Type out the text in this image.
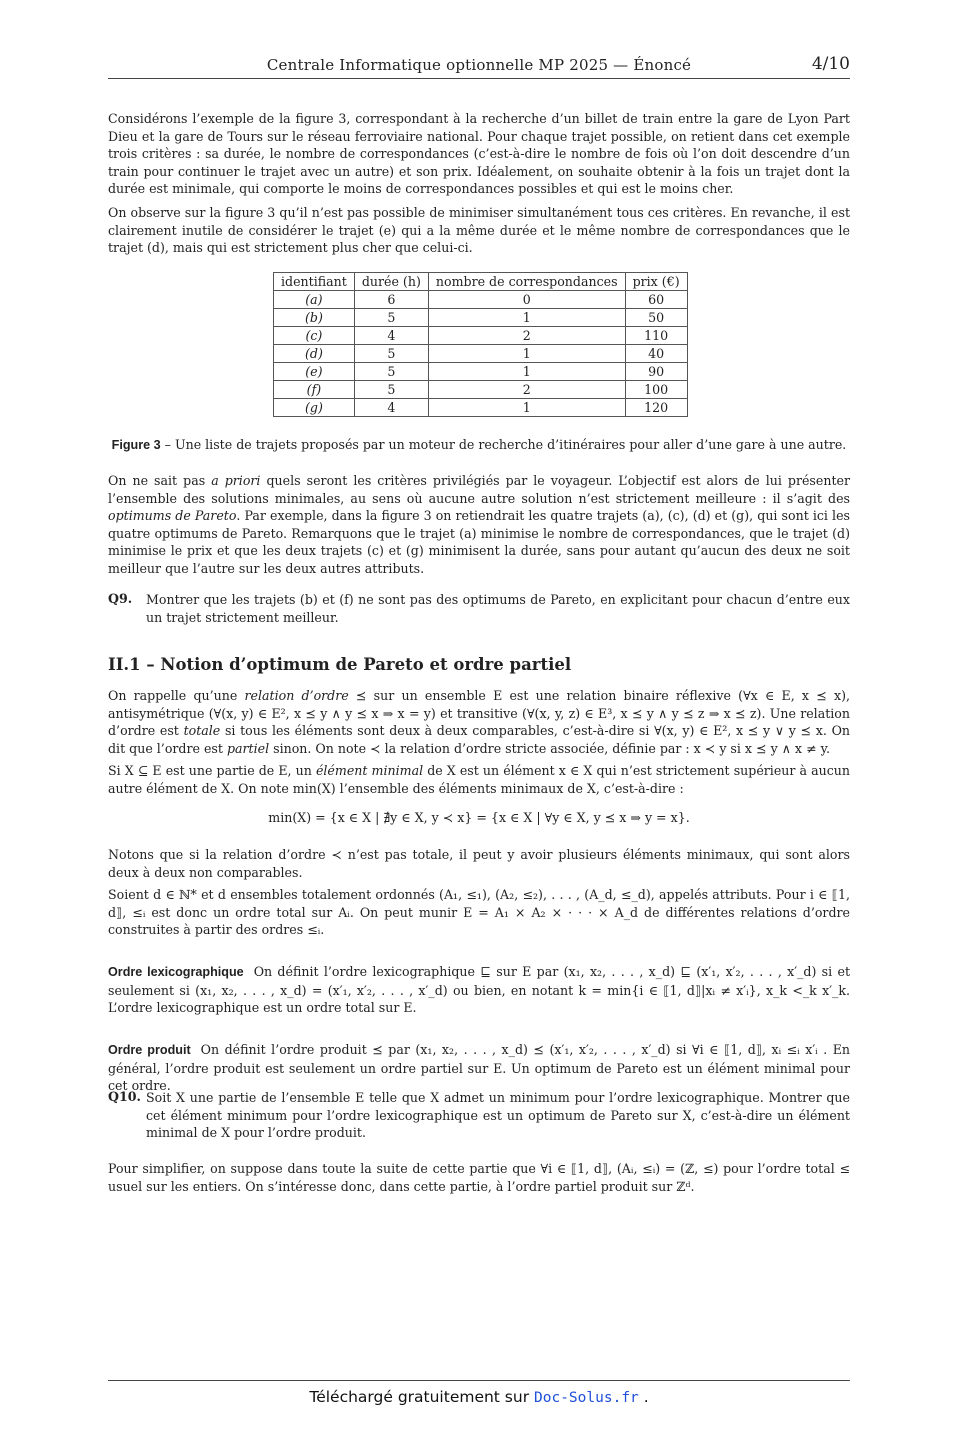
Centrale Informatique optionnelle MP 2025 — Énoncé	4/10

Considérons l’exemple de la figure 3, correspondant à la recherche d’un billet de train entre la gare de Lyon Part Dieu et la gare de Tours sur le réseau ferroviaire national. Pour chaque trajet possible, on retient dans cet exemple trois critères : sa durée, le nombre de correspondances (c’est-à-dire le nombre de fois où l’on doit descendre d’un train pour continuer le trajet avec un autre) et son prix. Idéalement, on souhaite obtenir à la fois un trajet dont la durée est minimale, qui comporte le moins de correspondances possibles et qui est le moins cher.

On observe sur la figure 3 qu’il n’est pas possible de minimiser simultanément tous ces critères. En revanche, il est clairement inutile de considérer le trajet (e) qui a la même durée et le même nombre de correspondances que le trajet (d), mais qui est strictement plus cher que celui-ci.

identifiant	durée (h)	nombre de correspondances	prix (€)
(a)	6	0	60
(b)	5	1	50
(c)	4	2	110
(d)	5	1	40
(e)	5	1	90
(f)	5	2	100
(g)	4	1	120
Figure 3 – Une liste de trajets proposés par un moteur de recherche d’itinéraires pour aller d’une gare à une autre.

On ne sait pas a priori quels seront les critères privilégiés par le voyageur. L’objectif est alors de lui présenter l’ensemble des solutions minimales, au sens où aucune autre solution n’est strictement meilleure : il s’agit des optimums de Pareto. Par exemple, dans la figure 3 on retiendrait les quatre trajets (a), (c), (d) et (g), qui sont ici les quatre optimums de Pareto. Remarquons que le trajet (a) minimise le nombre de correspondances, que le trajet (d) minimise le prix et que les deux trajets (c) et (g) minimisent la durée, sans pour autant qu’aucun des deux ne soit meilleur que l’autre sur les deux autres attributs.

Q9. Montrer que les trajets (b) et (f) ne sont pas des optimums de Pareto, en explicitant pour chacun d’entre eux un trajet strictement meilleur.

II.1 – Notion d’optimum de Pareto et ordre partiel

On rappelle qu’une relation d’ordre ⪯ sur un ensemble E est une relation binaire réflexive (∀x ∈ E, x ⪯ x), antisymétrique (∀(x, y) ∈ E², x ⪯ y ∧ y ⪯ x ⇒ x = y) et transitive (∀(x, y, z) ∈ E³, x ⪯ y ∧ y ⪯ z ⇒ x ⪯ z). Une relation d’ordre est totale si tous les éléments sont deux à deux comparables, c’est-à-dire si ∀(x, y) ∈ E², x ⪯ y ∨ y ⪯ x. On dit que l’ordre est partiel sinon. On note ≺ la relation d’ordre stricte associée, définie par : x ≺ y si x ⪯ y ∧ x ≠ y.

Si X ⊆ E est une partie de E, un élément minimal de X est un élément x ∈ X qui n’est strictement supérieur à aucun autre élément de X. On note min(X) l’ensemble des éléments minimaux de X, c’est-à-dire :

min(X) = {x ∈ X | ∄y ∈ X, y ≺ x} = {x ∈ X | ∀y ∈ X, y ⪯ x ⇒ y = x}.

Notons que si la relation d’ordre ≺ n’est pas totale, il peut y avoir plusieurs éléments minimaux, qui sont alors deux à deux non comparables.

Soient d ∈ ℕ* et d ensembles totalement ordonnés (A₁, ≤₁), (A₂, ≤₂), . . . , (A_d, ≤_d), appelés attributs. Pour i ∈ ⟦1, d⟧, ≤ᵢ est donc un ordre total sur Aᵢ. On peut munir E = A₁ × A₂ × · · · × A_d de différentes relations d’ordre construites à partir des ordres ≤ᵢ.

Ordre lexicographique On définit l’ordre lexicographique ⊑ sur E par (x₁, x₂, . . . , x_d) ⊑ (x′₁, x′₂, . . . , x′_d) si et seulement si (x₁, x₂, . . . , x_d) = (x′₁, x′₂, . . . , x′_d) ou bien, en notant k = min{i ∈ ⟦1, d⟧|xᵢ ≠ x′ᵢ}, x_k <_k x′_k. L’ordre lexicographique est un ordre total sur E.

Ordre produit On définit l’ordre produit ⪯ par (x₁, x₂, . . . , x_d) ⪯ (x′₁, x′₂, . . . , x′_d) si ∀i ∈ ⟦1, d⟧, xᵢ ≤ᵢ x′ᵢ . En général, l’ordre produit est seulement un ordre partiel sur E. Un optimum de Pareto est un élément minimal pour cet ordre.

Q10. Soit X une partie de l’ensemble E telle que X admet un minimum pour l’ordre lexicographique. Montrer que cet élément minimum pour l’ordre lexicographique est un optimum de Pareto sur X, c’est-à-dire un élément minimal de X pour l’ordre produit.

Pour simplifier, on suppose dans toute la suite de cette partie que ∀i ∈ ⟦1, d⟧, (Aᵢ, ≤ᵢ) = (ℤ, ≤) pour l’ordre total ≤ usuel sur les entiers. On s’intéresse donc, dans cette partie, à l’ordre partiel produit sur ℤᵈ.

Téléchargé gratuitement sur Doc-Solus.fr .
